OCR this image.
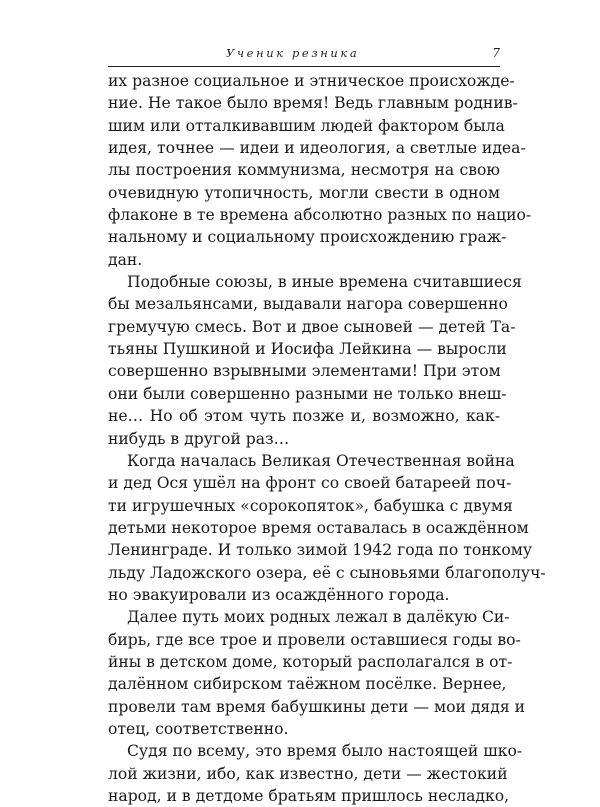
Ученик резника	7
их разное социальное и этническое происхожде-
ние. Не такое было время! Ведь главным роднив-
шим или отталкивавшим людей фактором была
идея, точнее — идеи и идеология, а светлые идеа-
лы построения коммунизма, несмотря на свою
очевидную утопичность, могли свести в одном
флаконе в те времена абсолютно разных по нацио-
нальному и социальному происхождению граж-
дан.
Подобные союзы, в иные времена считавшиеся
бы мезальянсами, выдавали нагора совершенно
гремучую смесь. Вот и двое сыновей — детей Та-
тьяны Пушкиной и Иосифа Лейкина — выросли
совершенно взрывными элементами! При этом
они были совершенно разными не только внеш-
не… Но об этом чуть позже и, возможно, как-
нибудь в другой раз…
Когда началась Великая Отечественная война
и дед Ося ушёл на фронт со своей батареей поч-
ти игрушечных «сорокопяток», бабушка с двумя
детьми некоторое время оставалась в осаждённом
Ленинграде. И только зимой 1942 года по тонкому
льду Ладожского озера, её с сыновьями благополуч-
но эвакуировали из осаждённого города.
Далее путь моих родных лежал в далёкую Си-
бирь, где все трое и провели оставшиеся годы во-
йны в детском доме, который располагался в от-
далённом сибирском таёжном посёлке. Вернее,
провели там время бабушкины дети — мои дядя и
отец, соответственно.
Судя по всему, это время было настоящей шко-
лой жизни, ибо, как известно, дети — жестокий
народ, и в детдоме братьям пришлось несладко,
